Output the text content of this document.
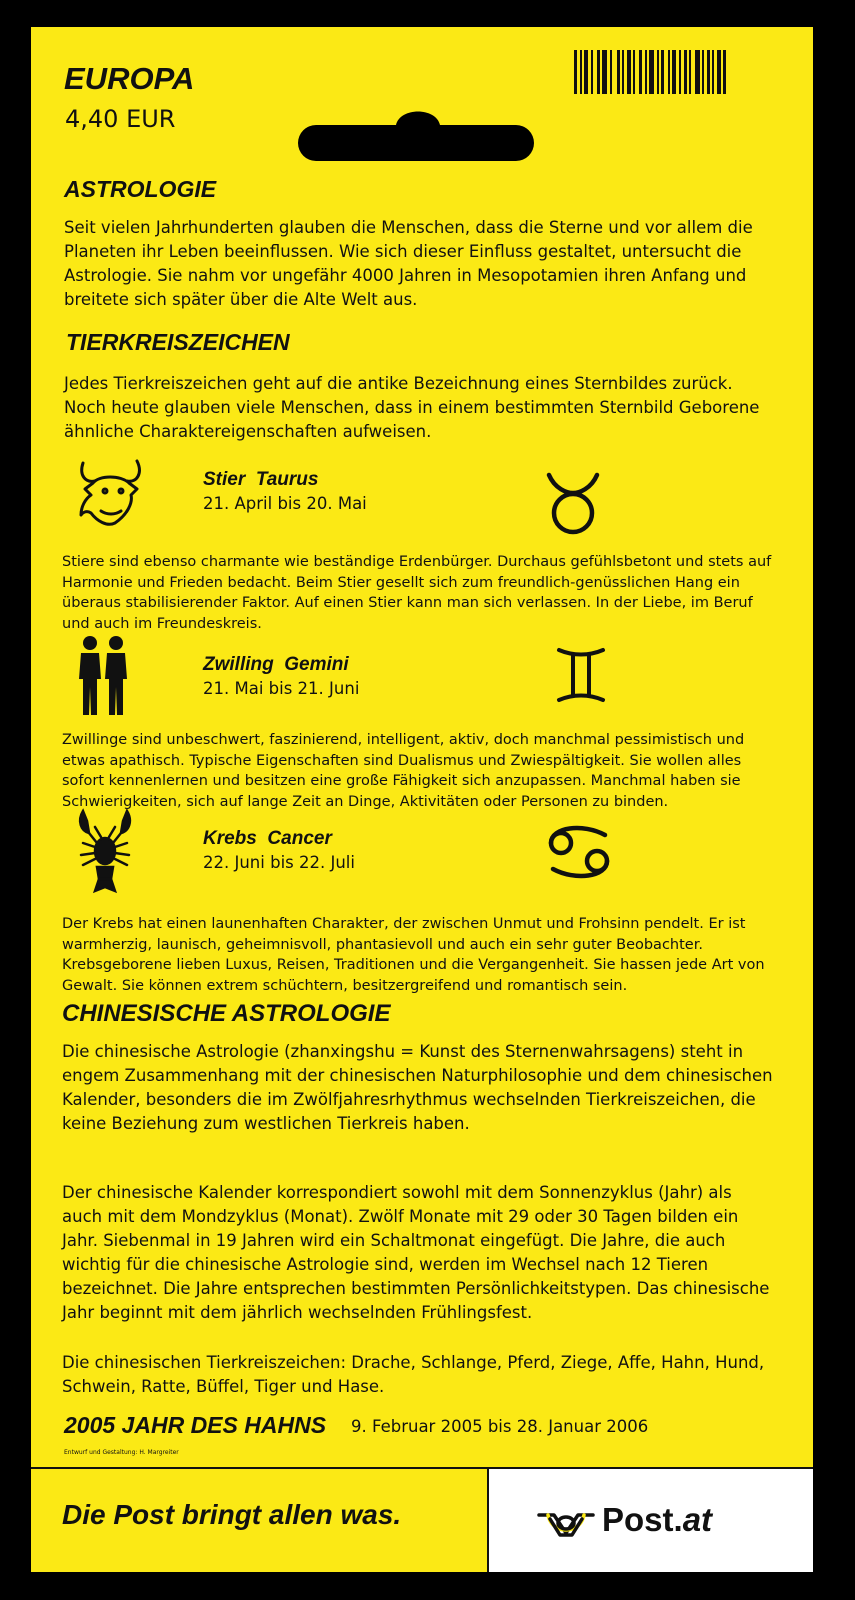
EUROPA
4,40 EUR
ASTROLOGIE

Seit vielen Jahrhunderten glauben die Menschen, dass die Sterne und vor allem die Planeten ihr Leben beeinflussen. Wie sich dieser Einfluss gestaltet, untersucht die Astrologie. Sie nahm vor ungefähr 4000 Jahren in Mesopotamien ihren Anfang und breitete sich später über die Alte Welt aus.

TIERKREISZEICHEN

Jedes Tierkreiszeichen geht auf die antike Bezeichnung eines Sternbildes zurück. Noch heute glauben viele Menschen, dass in einem bestimmten Sternbild Geborene ähnliche Charaktereigenschaften aufweisen.

Stier Taurus
21. April bis 20. Mai

Stiere sind ebenso charmante wie beständige Erdenbürger. Durchaus gefühlsbetont und stets auf Harmonie und Frieden bedacht. Beim Stier gesellt sich zum freundlich-genüsslichen Hang ein überaus stabilisierender Faktor. Auf einen Stier kann man sich verlassen. In der Liebe, im Beruf und auch im Freundeskreis.

Zwilling Gemini
21. Mai bis 21. Juni

Zwillinge sind unbeschwert, faszinierend, intelligent, aktiv, doch manchmal pessimistisch und etwas apathisch. Typische Eigenschaften sind Dualismus und Zwiespältigkeit. Sie wollen alles sofort kennenlernen und besitzen eine große Fähigkeit sich anzupassen. Manchmal haben sie Schwierigkeiten, sich auf lange Zeit an Dinge, Aktivitäten oder Personen zu binden.

Krebs Cancer
22. Juni bis 22. Juli

Der Krebs hat einen launenhaften Charakter, der zwischen Unmut und Frohsinn pendelt. Er ist warmherzig, launisch, geheimnisvoll, phantasievoll und auch ein sehr guter Beobachter. Krebsgeborene lieben Luxus, Reisen, Traditionen und die Vergangenheit. Sie hassen jede Art von Gewalt. Sie können extrem schüchtern, besitzergreifend und romantisch sein.

CHINESISCHE ASTROLOGIE

Die chinesische Astrologie (zhanxingshu = Kunst des Sternenwahrsagens) steht in engem Zusammenhang mit der chinesischen Naturphilosophie und dem chinesischen Kalender, besonders die im Zwölfjahresrhythmus wechselnden Tierkreiszeichen, die keine Beziehung zum westlichen Tierkreis haben.

Der chinesische Kalender korrespondiert sowohl mit dem Sonnenzyklus (Jahr) als auch mit dem Mondzyklus (Monat). Zwölf Monate mit 29 oder 30 Tagen bilden ein Jahr. Siebenmal in 19 Jahren wird ein Schaltmonat eingefügt. Die Jahre, die auch wichtig für die chinesische Astrologie sind, werden im Wechsel nach 12 Tieren bezeichnet. Die Jahre entsprechen bestimmten Persönlichkeitstypen. Das chinesische Jahr beginnt mit dem jährlich wechselnden Frühlingsfest.

Die chinesischen Tierkreiszeichen: Drache, Schlange, Pferd, Ziege, Affe, Hahn, Hund, Schwein, Ratte, Büffel, Tiger und Hase.

2005 JAHR DES HAHNS 9. Februar 2005 bis 28. Januar 2006
Entwurf und Gestaltung: H. Margreiter
Die Post bringt allen was.	Post.at
